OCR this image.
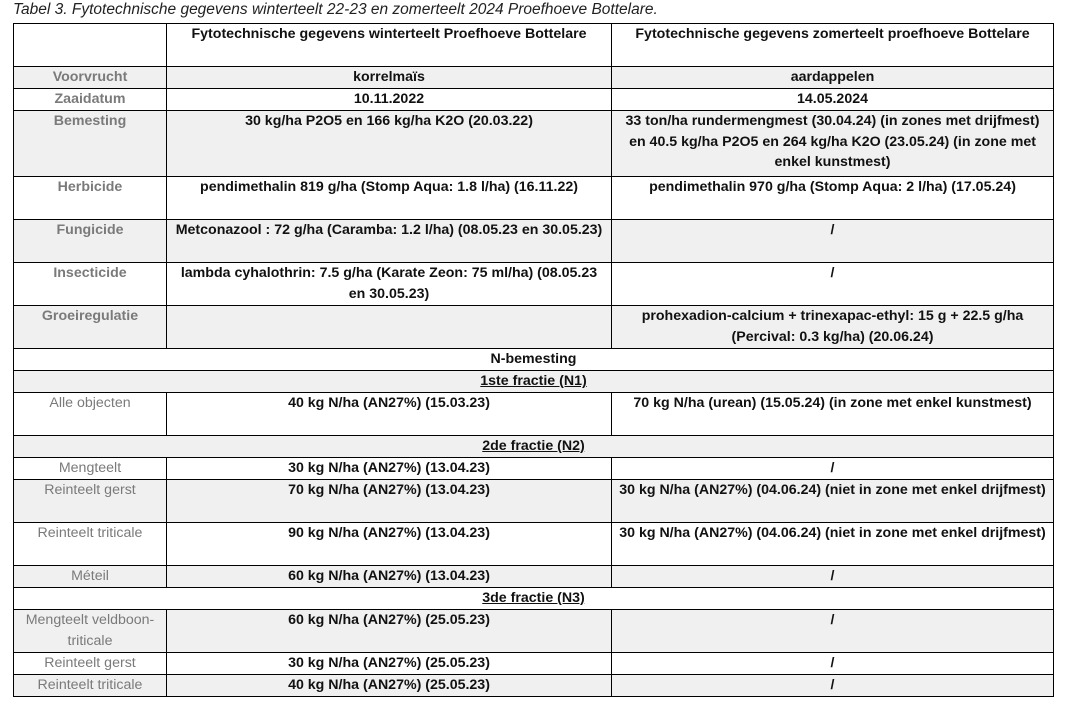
Tabel 3. Fytotechnische gegevens winterteelt 22-23 en zomerteelt 2024 Proefhoeve Bottelare.
	Fytotechnische gegevens winterteelt Proefhoeve Bottelare	Fytotechnische gegevens zomerteelt proefhoeve Bottelare
Voorvrucht	korrelmaïs	aardappelen
Zaaidatum	10.11.2022	14.05.2024
Bemesting	30 kg/ha P2O5 en 166 kg/ha K2O (20.03.22)	33 ton/ha rundermengmest (30.04.24) (in zones met drijfmest) en 40.5 kg/ha P2O5 en 264 kg/ha K2O (23.05.24) (in zone met enkel kunstmest)
Herbicide	pendimethalin 819 g/ha (Stomp Aqua: 1.8 l/ha) (16.11.22)	pendimethalin 970 g/ha (Stomp Aqua: 2 l/ha) (17.05.24)
Fungicide	Metconazool : 72 g/ha (Caramba: 1.2 l/ha) (08.05.23 en 30.05.23)	/
Insecticide	lambda cyhalothrin: 7.5 g/ha (Karate Zeon: 75 ml/ha) (08.05.23 en 30.05.23)	/
Groeiregulatie		prohexadion-calcium + trinexapac-ethyl: 15 g + 22.5 g/ha (Percival: 0.3 kg/ha) (20.06.24)
N-bemesting		
1ste fractie (N1)		
Alle objecten	40 kg N/ha (AN27%) (15.03.23)	70 kg N/ha (urean) (15.05.24) (in zone met enkel kunstmest)
2de fractie (N2)		
Mengteelt	30 kg N/ha (AN27%) (13.04.23)	/
Reinteelt gerst	70 kg N/ha (AN27%) (13.04.23)	30 kg N/ha (AN27%) (04.06.24) (niet in zone met enkel drijfmest)
Reinteelt triticale	90 kg N/ha (AN27%) (13.04.23)	30 kg N/ha (AN27%) (04.06.24) (niet in zone met enkel drijfmest)
Méteil	60 kg N/ha (AN27%) (13.04.23)	/
3de fractie (N3)		
Mengteelt veldboon-triticale	60 kg N/ha (AN27%) (25.05.23)	/
Reinteelt gerst	30 kg N/ha (AN27%) (25.05.23)	/
Reinteelt triticale	40 kg N/ha (AN27%) (25.05.23)	/
